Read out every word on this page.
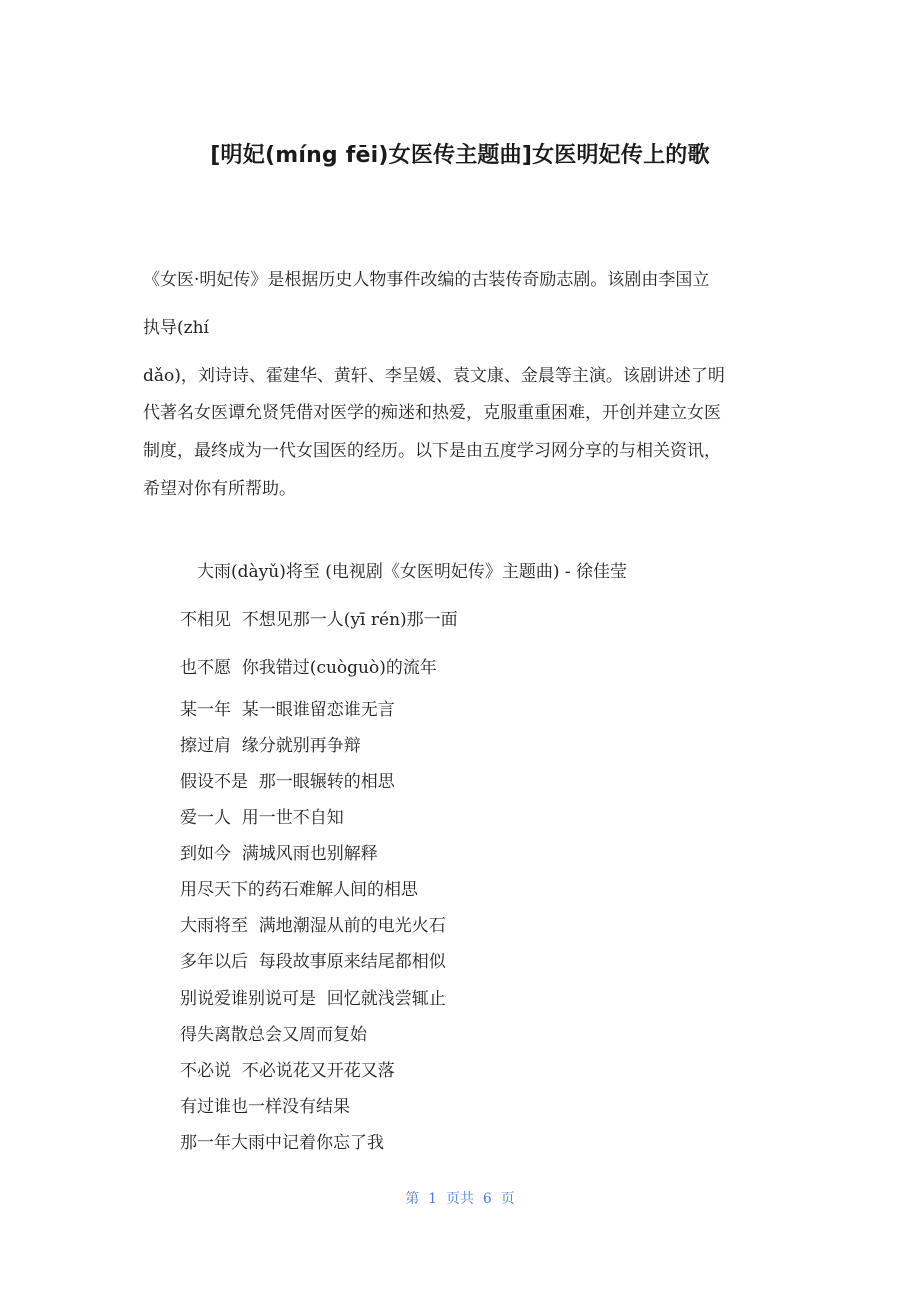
[明妃(míng fēi)女医传主题曲]女医明妃传上的歌
《女医·明妃传》是根据历史人物事件改编的古装传奇励志剧。该剧由李国立
执导(zhí
dǎo)，刘诗诗、霍建华、黄轩、李呈媛、袁文康、金晨等主演。该剧讲述了明
代著名女医谭允贤凭借对医学的痴迷和热爱，克服重重困难，开创并建立女医
制度，最终成为一代女国医的经历。以下是由五度学习网分享的与相关资讯，
希望对你有所帮助。
大雨(dàyǔ)将至 (电视剧《女医明妃传》主题曲) - 徐佳莹
不相见  不想见那一人(yī rén)那一面
也不愿  你我错过(cuòguò)的流年
某一年  某一眼谁留恋谁无言
擦过肩  缘分就别再争辩
假设不是  那一眼辗转的相思
爱一人  用一世不自知
到如今  满城风雨也别解释
用尽天下的药石难解人间的相思
大雨将至  满地潮湿从前的电光火石
多年以后  每段故事原来结尾都相似
别说爱谁别说可是  回忆就浅尝辄止
得失离散总会又周而复始
不必说  不必说花又开花又落
有过谁也一样没有结果
那一年大雨中记着你忘了我
第  1  页共  6  页
